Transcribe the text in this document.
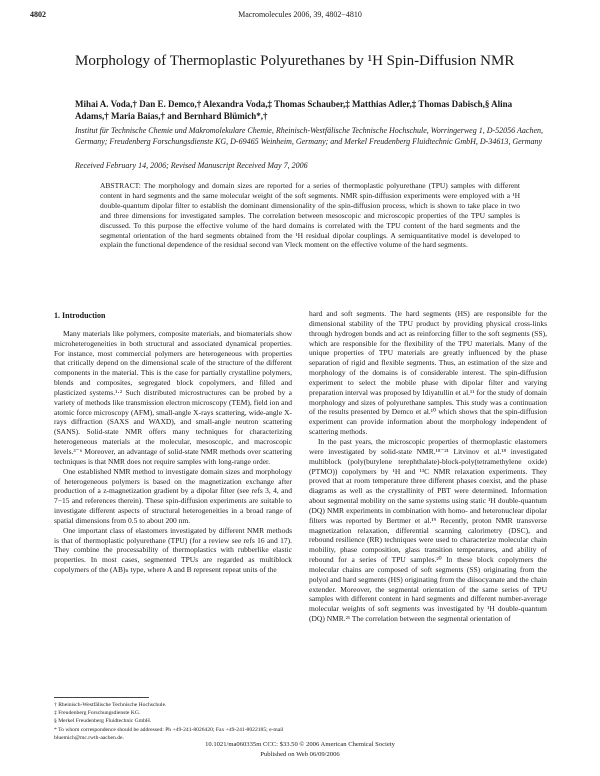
4802	Macromolecules 2006, 39, 4802−4810
Morphology of Thermoplastic Polyurethanes by ¹H Spin-Diffusion NMR
Mihai A. Voda,† Dan E. Demco,† Alexandra Voda,‡ Thomas Schauber,‡ Matthias Adler,‡ Thomas Dabisch,§ Alina Adams,† Maria Baias,† and Bernhard Blümich*,†
Institut für Technische Chemie und Makromolekulare Chemie, Rheinisch-Westfälische Technische Hochschule, Worringerweg 1, D-52056 Aachen, Germany; Freudenberg Forschungsdienste KG, D-69465 Weinheim, Germany; and Merkel Freudenberg Fluidtechnic GmbH, D-34613, Germany
Received February 14, 2006; Revised Manuscript Received May 7, 2006
ABSTRACT: The morphology and domain sizes are reported for a series of thermoplastic polyurethane (TPU) samples with different content in hard segments and the same molecular weight of the soft segments. NMR spin-diffusion experiments were employed with a ¹H double-quantum dipolar filter to establish the dominant dimensionality of the spin-diffusion process, which is shown to take place in two and three dimensions for investigated samples. The correlation between mesoscopic and microscopic properties of the TPU samples is discussed. To this purpose the effective volume of the hard domains is correlated with the TPU content of the hard segments and the segmental orientation of the hard segments obtained from the ¹H residual dipolar couplings. A semiquantitative model is developed to explain the functional dependence of the residual second van Vleck moment on the effective volume of the hard segments.
1. Introduction

Many materials like polymers, composite materials, and biomaterials show microheterogeneities in both structural and associated dynamical properties. For instance, most commercial polymers are heterogeneous with properties that critically depend on the dimensional scale of the structure of the different components in the material. This is the case for partially crystalline polymers, blends and composites, segregated block copolymers, and filled and plasticized systems.¹·² Such distributed microstructures can be probed by a variety of methods like transmission electron microscopy (TEM), field ion and atomic force microscopy (AFM), small-angle X-rays scattering, wide-angle X-rays diffraction (SAXS and WAXD), and small-angle neutron scattering (SANS). Solid-state NMR offers many techniques for characterizing heterogeneous materials at the molecular, mesoscopic, and macroscopic levels.³⁻⁶ Moreover, an advantage of solid-state NMR methods over scattering techniques is that NMR does not require samples with long-range order.

One established NMR method to investigate domain sizes and morphology of heterogeneous polymers is based on the magnetization exchange after production of a z-magnetization gradient by a dipolar filter (see refs 3, 4, and 7−15 and references therein). These spin-diffusion experiments are suitable to investigate different aspects of structural heterogeneities in a broad range of spatial dimensions from 0.5 to about 200 nm.

One important class of elastomers investigated by different NMR methods is that of thermoplastic polyurethane (TPU) (for a review see refs 16 and 17). They combine the processability of thermoplastics with rubberlike elastic properties. In most cases, segmented TPUs are regarded as multiblock copolymers of the (AB)ₙ type, where A and B represent repeat units of the

hard and soft segments. The hard segments (HS) are responsible for the dimensional stability of the TPU product by providing physical cross-links through hydrogen bonds and act as reinforcing filler to the soft segments (SS), which are responsible for the flexibility of the TPU materials. Many of the unique properties of TPU materials are greatly influenced by the phase separation of rigid and flexible segments. Thus, an estimation of the size and morphology of the domains is of considerable interest. The spin-diffusion experiment to select the mobile phase with dipolar filter and varying preparation interval was proposed by Idiyatullin et al.¹¹ for the study of domain morphology and sizes of polyurethane samples. This study was a continuation of the results presented by Demco et al.¹⁰ which shows that the spin-diffusion experiment can provide information about the morphology independent of scattering methods.

In the past years, the microscopic properties of thermoplastic elastomers were investigated by solid-state NMR.¹⁸⁻²¹ Litvinov et al.¹⁸ investigated multiblock (poly(butylene terephthalate)-block-poly(tetramethylene oxide) (PTMO)) copolymers by ¹H and ¹³C NMR relaxation experiments. They proved that at room temperature three different phases coexist, and the phase diagrams as well as the crystallinity of PBT were determined. Information about segmental mobility on the same systems using static ¹H double-quantum (DQ) NMR experiments in combination with homo- and heteronuclear dipolar filters was reported by Bertmer et al.¹⁹ Recently, proton NMR transverse magnetization relaxation, differential scanning calorimetry (DSC), and rebound resilience (RR) techniques were used to characterize molecular chain mobility, phase composition, glass transition temperatures, and ability of rebound for a series of TPU samples.²⁰ In these block copolymers the molecular chains are composed of soft segments (SS) originating from the polyol and hard segments (HS) originating from the diisocyanate and the chain extender. Moreover, the segmental orientation of the same series of TPU samples with different content in hard segments and different number-average molecular weights of soft segments was investigated by ¹H double-quantum (DQ) NMR.²¹ The correlation between the segmental orientation of

† Rheinisch-Westfälische Technische Hochschule.
‡ Freudenberg Forschungsdienste KG.
§ Merkel Freudenberg Fluidtechnic GmbH.
* To whom correspondence should be addressed: Ph +49-241-8026420; Fax +49-241-8022185; e-mail bluemich@mc.rwth-aachen.de.
10.1021/ma060335m CCC: $33.50 © 2006 American Chemical Society
Published on Web 06/09/2006
